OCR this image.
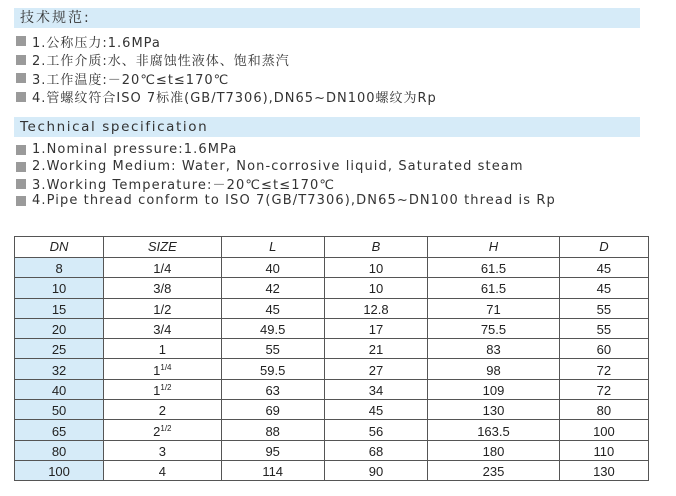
技术规范:
1.公称压力:1.6MPa
2.工作介质:水、非腐蚀性液体、饱和蒸汽
3.工作温度:－20℃≤t≤170℃
4.管螺纹符合ISO 7标准(GB/T7306),DN65~DN100螺纹为Rp
Technical specification
1.Nominal pressure:1.6MPa
2.Working Medium: Water, Non-corrosive liquid, Saturated steam
3.Working Temperature:－20℃≤t≤170℃
4.Pipe thread conform to ISO 7(GB/T7306),DN65~DN100 thread is Rp
DN	SIZE	L	B	H	D
8	1/4	40	10	61.5	45
10	3/8	42	10	61.5	45
15	1/2	45	12.8	71	55
20	3/4	49.5	17	75.5	55
25	1	55	21	83	60
32	$1^{1/4}$	59.5	27	98	72
40	$1^{1/2}$	63	34	109	72
50	2	69	45	130	80
65	$2^{1/2}$	88	56	163.5	100
80	3	95	68	180	110
100	4	114	90	235	130
